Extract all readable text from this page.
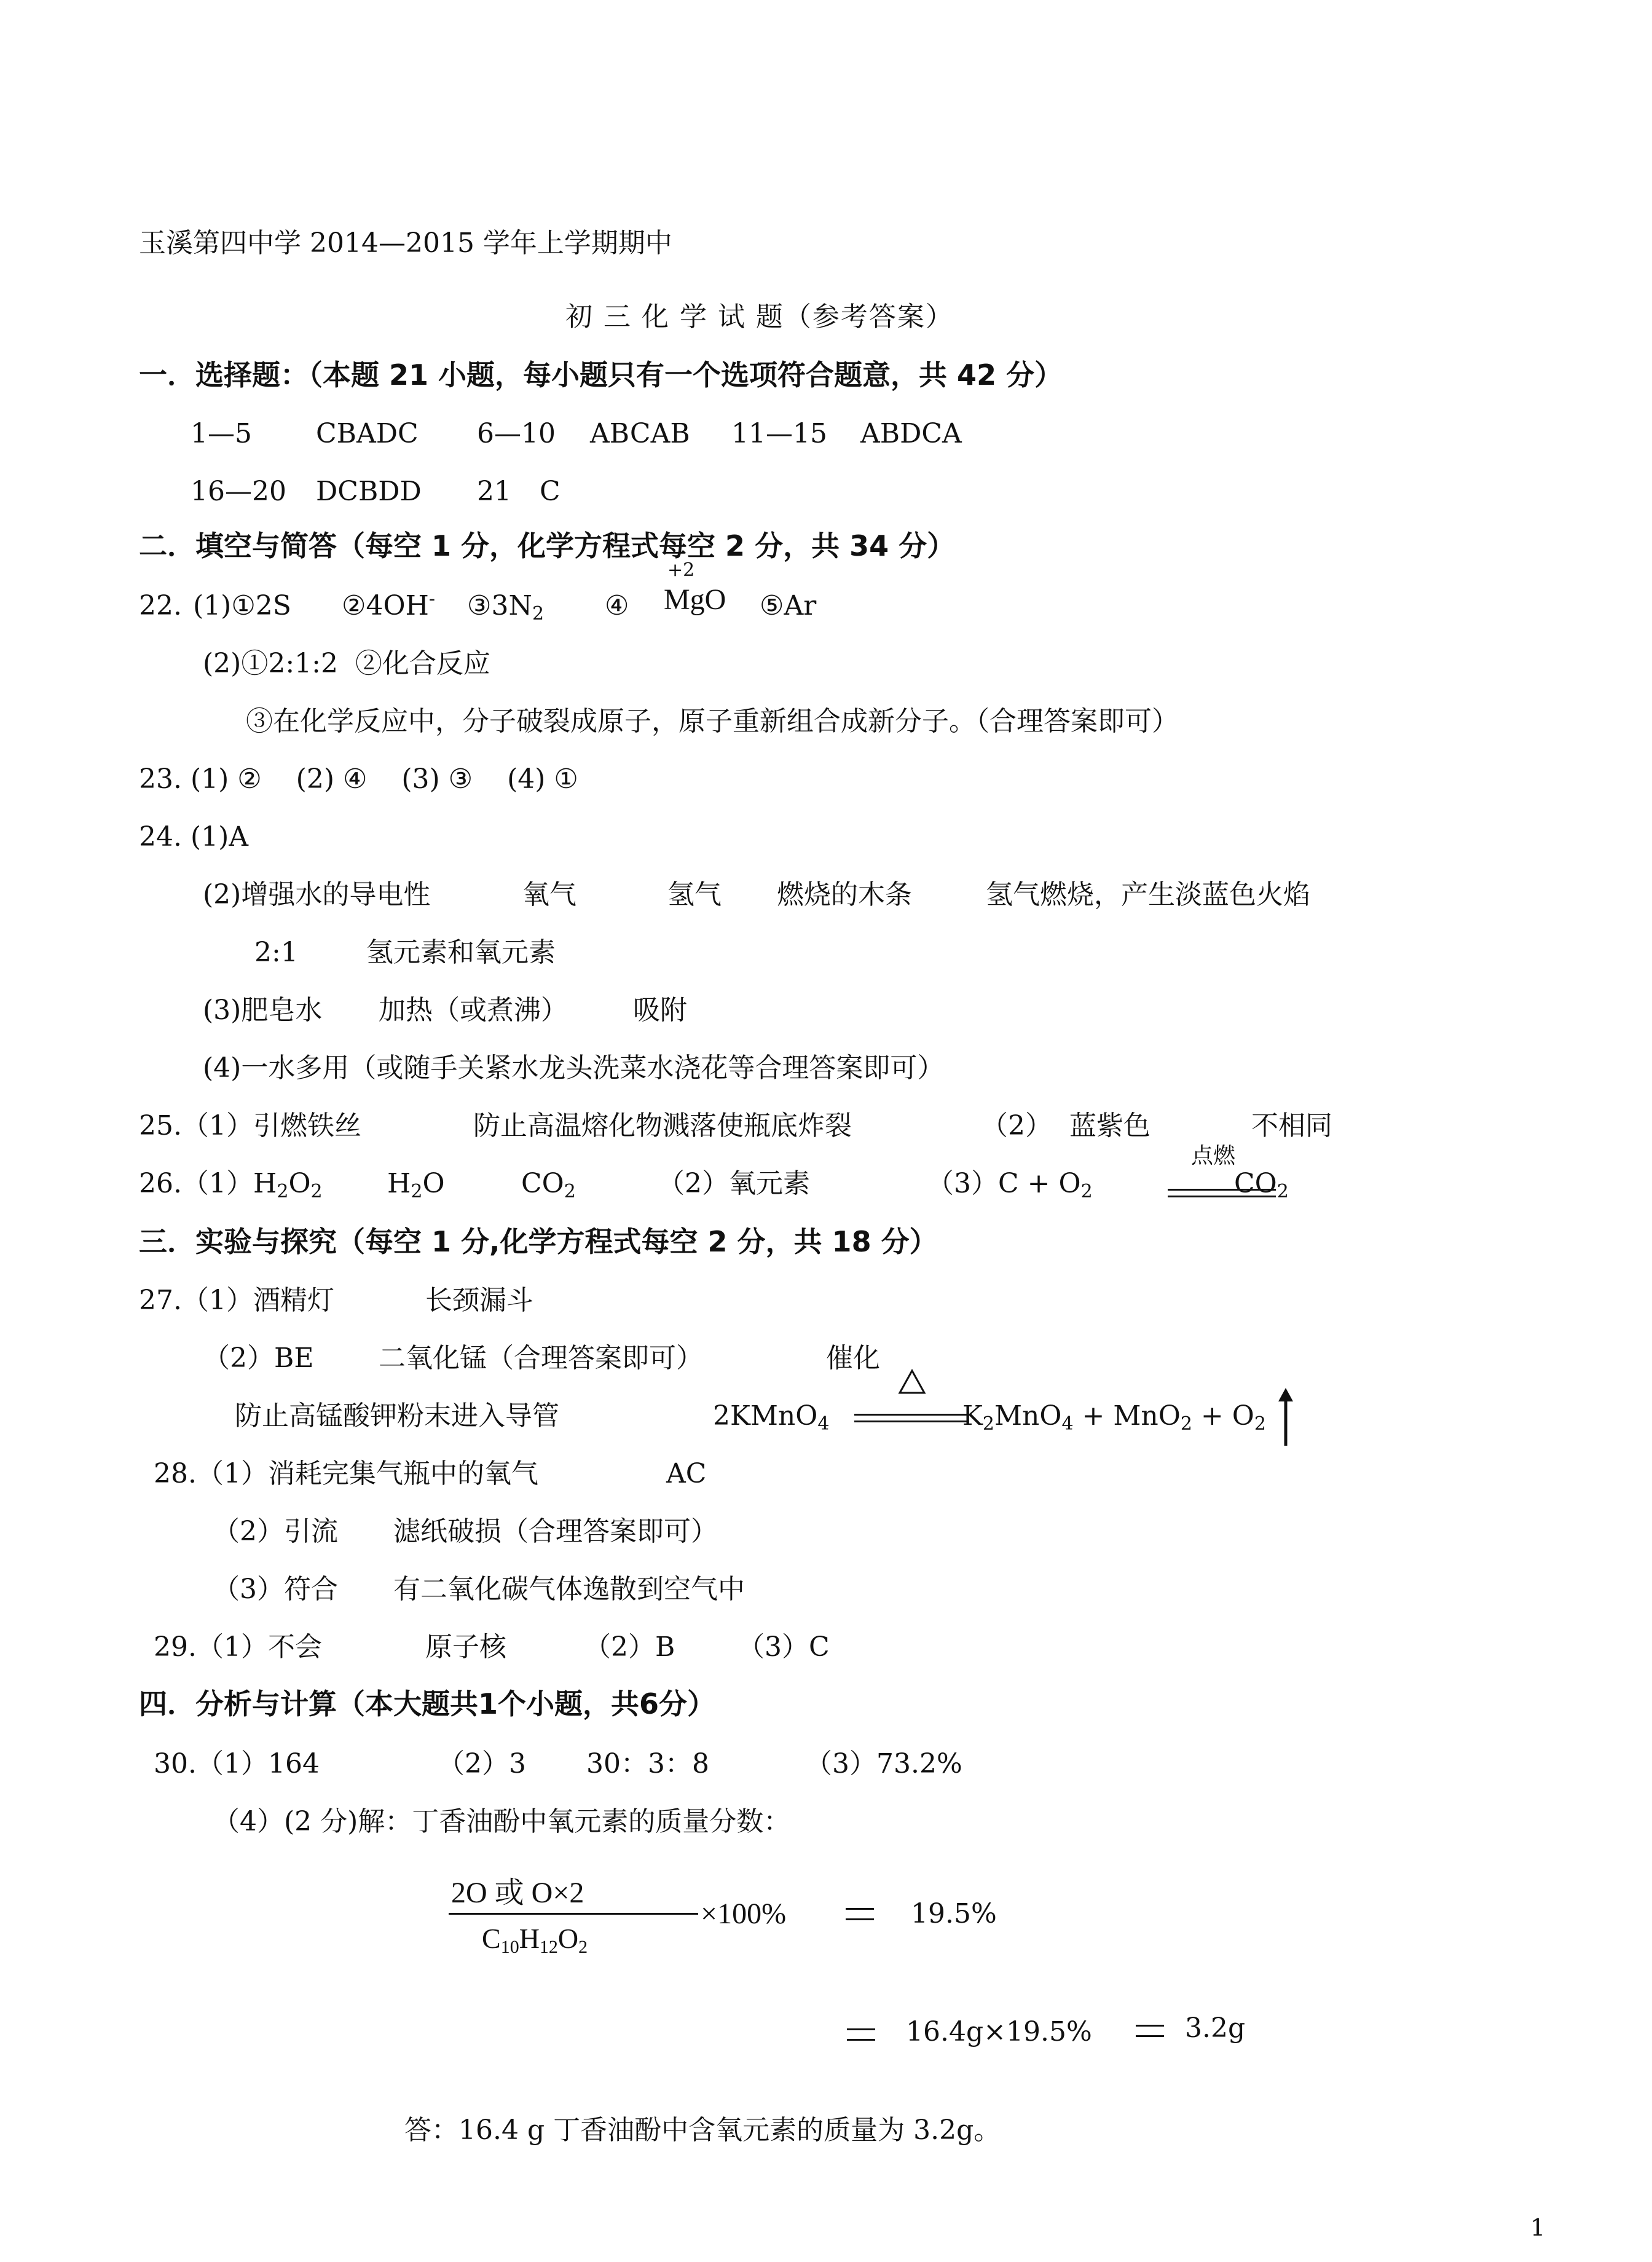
玉溪第四中学 2014—2015 学年上学期期中
初 三 化 学 试 题（参考答案）
一．选择题：（本题 21 小题，每小题只有一个选项符合题意，共 42 分）
1—5 CBADC 6—10 ABCAB 11—15 ABDCA
16—20 DCBDD 21 C
二．填空与简答（每空 1 分，化学方程式每空 2 分，共 34 分）
22. (1)①2S ②4OH- $③3N_2$ ④
+2
MgO ⑤Ar
(2)①2:1:2  ②化合反应
③在化学反应中，分子破裂成原子，原子重新组合成新分子。（合理答案即可）
23. (1) ②    (2) ④    (3) ③    (4) ①
24. (1)A
(2)增强水的导电性	氧气	氢气 燃烧的木条	氢气燃烧，产生淡蓝色火焰
2:1	氢元素和氧元素
(3)肥皂水 加热（或煮沸） 吸附
(4)一水多用（或随手关紧水龙头洗菜水浇花等合理答案即可）
25.（1）引燃铁丝	防止高温熔化物溅落使瓶底炸裂	（2）  蓝紫色	不相同
$26.(1)H_2O_2$ $H_2O$	$CO_2$	（2）氧元素	$(3)C + O_2$
点燃
$CO_2$
三．实验与探究（每空 1 分,化学方程式每空 2 分，共 18 分）
27.（1）酒精灯	长颈漏斗
（2）BE 二氧化锰（合理答案即可）	催化
防止高锰酸钾粉末进入导管	2KMnO$_4$	$K_2MnO_4 + MnO_2 + O_2$
28.（1）消耗完集气瓶中的氧气	AC
（2）引流 滤纸破损（合理答案即可）
（3）符合 有二氧化碳气体逸散到空气中
29.（1）不会	原子核	（2）B （3）C
四．分析与计算（本大题共1个小题，共6分）
30.（1）164	（2）3 30：3：8	（3）73.2%
（4）(2 分)解：丁香油酚中氧元素的质量分数：
2O 或 O×2
$C_{10}H_{12}O_2$
×100%	19.5%
16.4g×19.5%	3.2g
答：16.4 g 丁香油酚中含氧元素的质量为 3.2g。
1
